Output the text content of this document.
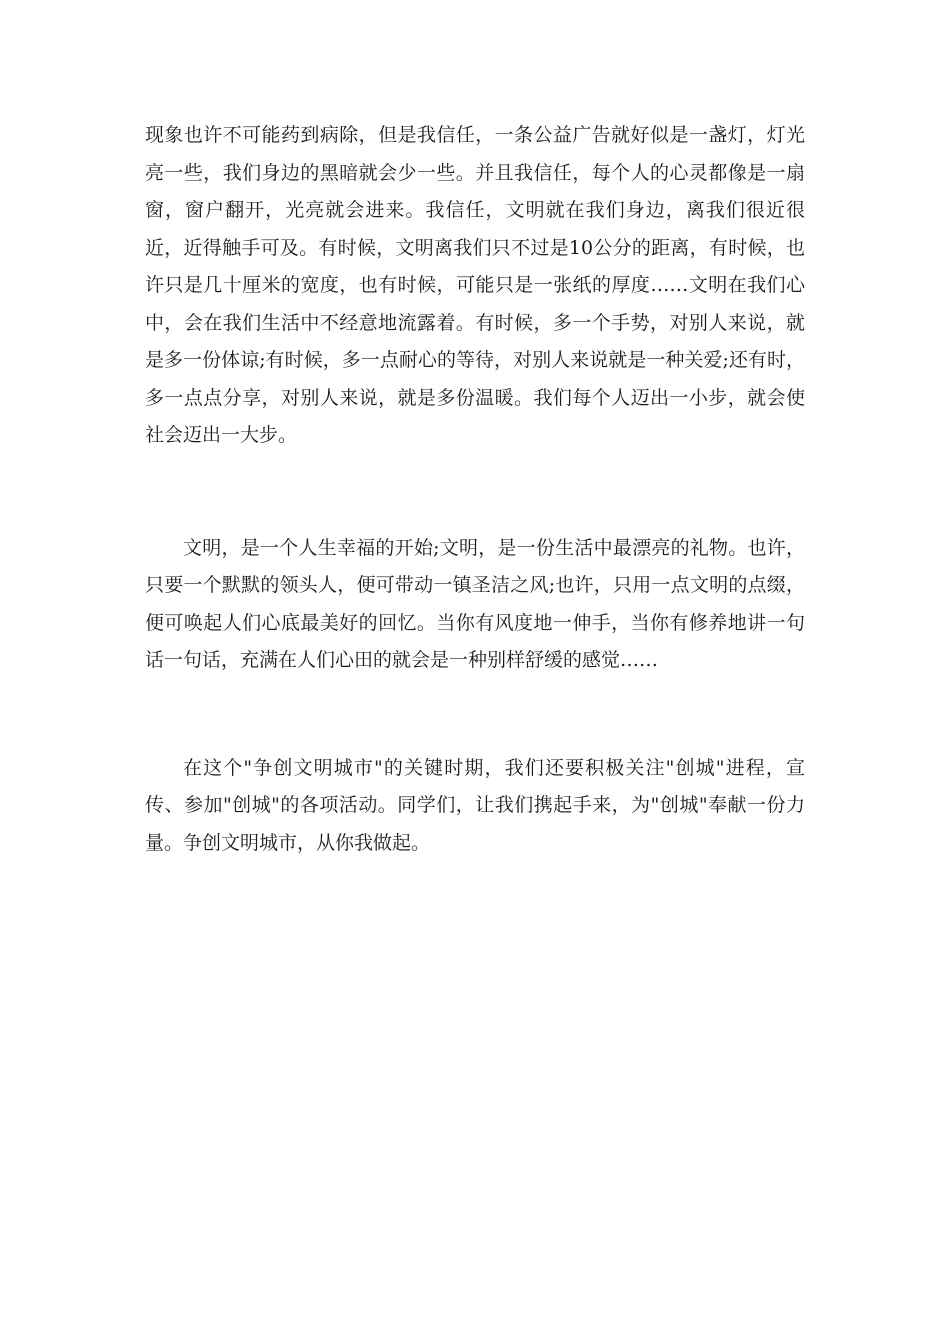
现象也许不可能药到病除，但是我信任，一条公益广告就好似是一盏灯，灯光亮一些，我们身边的黑暗就会少一些。并且我信任，每个人的心灵都像是一扇窗，窗户翻开，光亮就会进来。我信任，文明就在我们身边，离我们很近很近，近得触手可及。有时候，文明离我们只不过是10公分的距离，有时候，也许只是几十厘米的宽度，也有时候，可能只是一张纸的厚度……文明在我们心中，会在我们生活中不经意地流露着。有时候，多一个手势，对别人来说，就是多一份体谅;有时候，多一点耐心的等待，对别人来说就是一种关爱;还有时，多一点点分享，对别人来说，就是多份温暖。我们每个人迈出一小步，就会使社会迈出一大步。

文明，是一个人生幸福的开始;文明，是一份生活中最漂亮的礼物。也许，只要一个默默的领头人，便可带动一镇圣洁之风;也许，只用一点文明的点缀，便可唤起人们心底最美好的回忆。当你有风度地一伸手，当你有修养地讲一句话一句话，充满在人们心田的就会是一种别样舒缓的感觉……

在这个"争创文明城市"的关键时期，我们还要积极关注"创城"进程，宣传、参加"创城"的各项活动。同学们，让我们携起手来，为"创城"奉献一份力量。争创文明城市，从你我做起。
